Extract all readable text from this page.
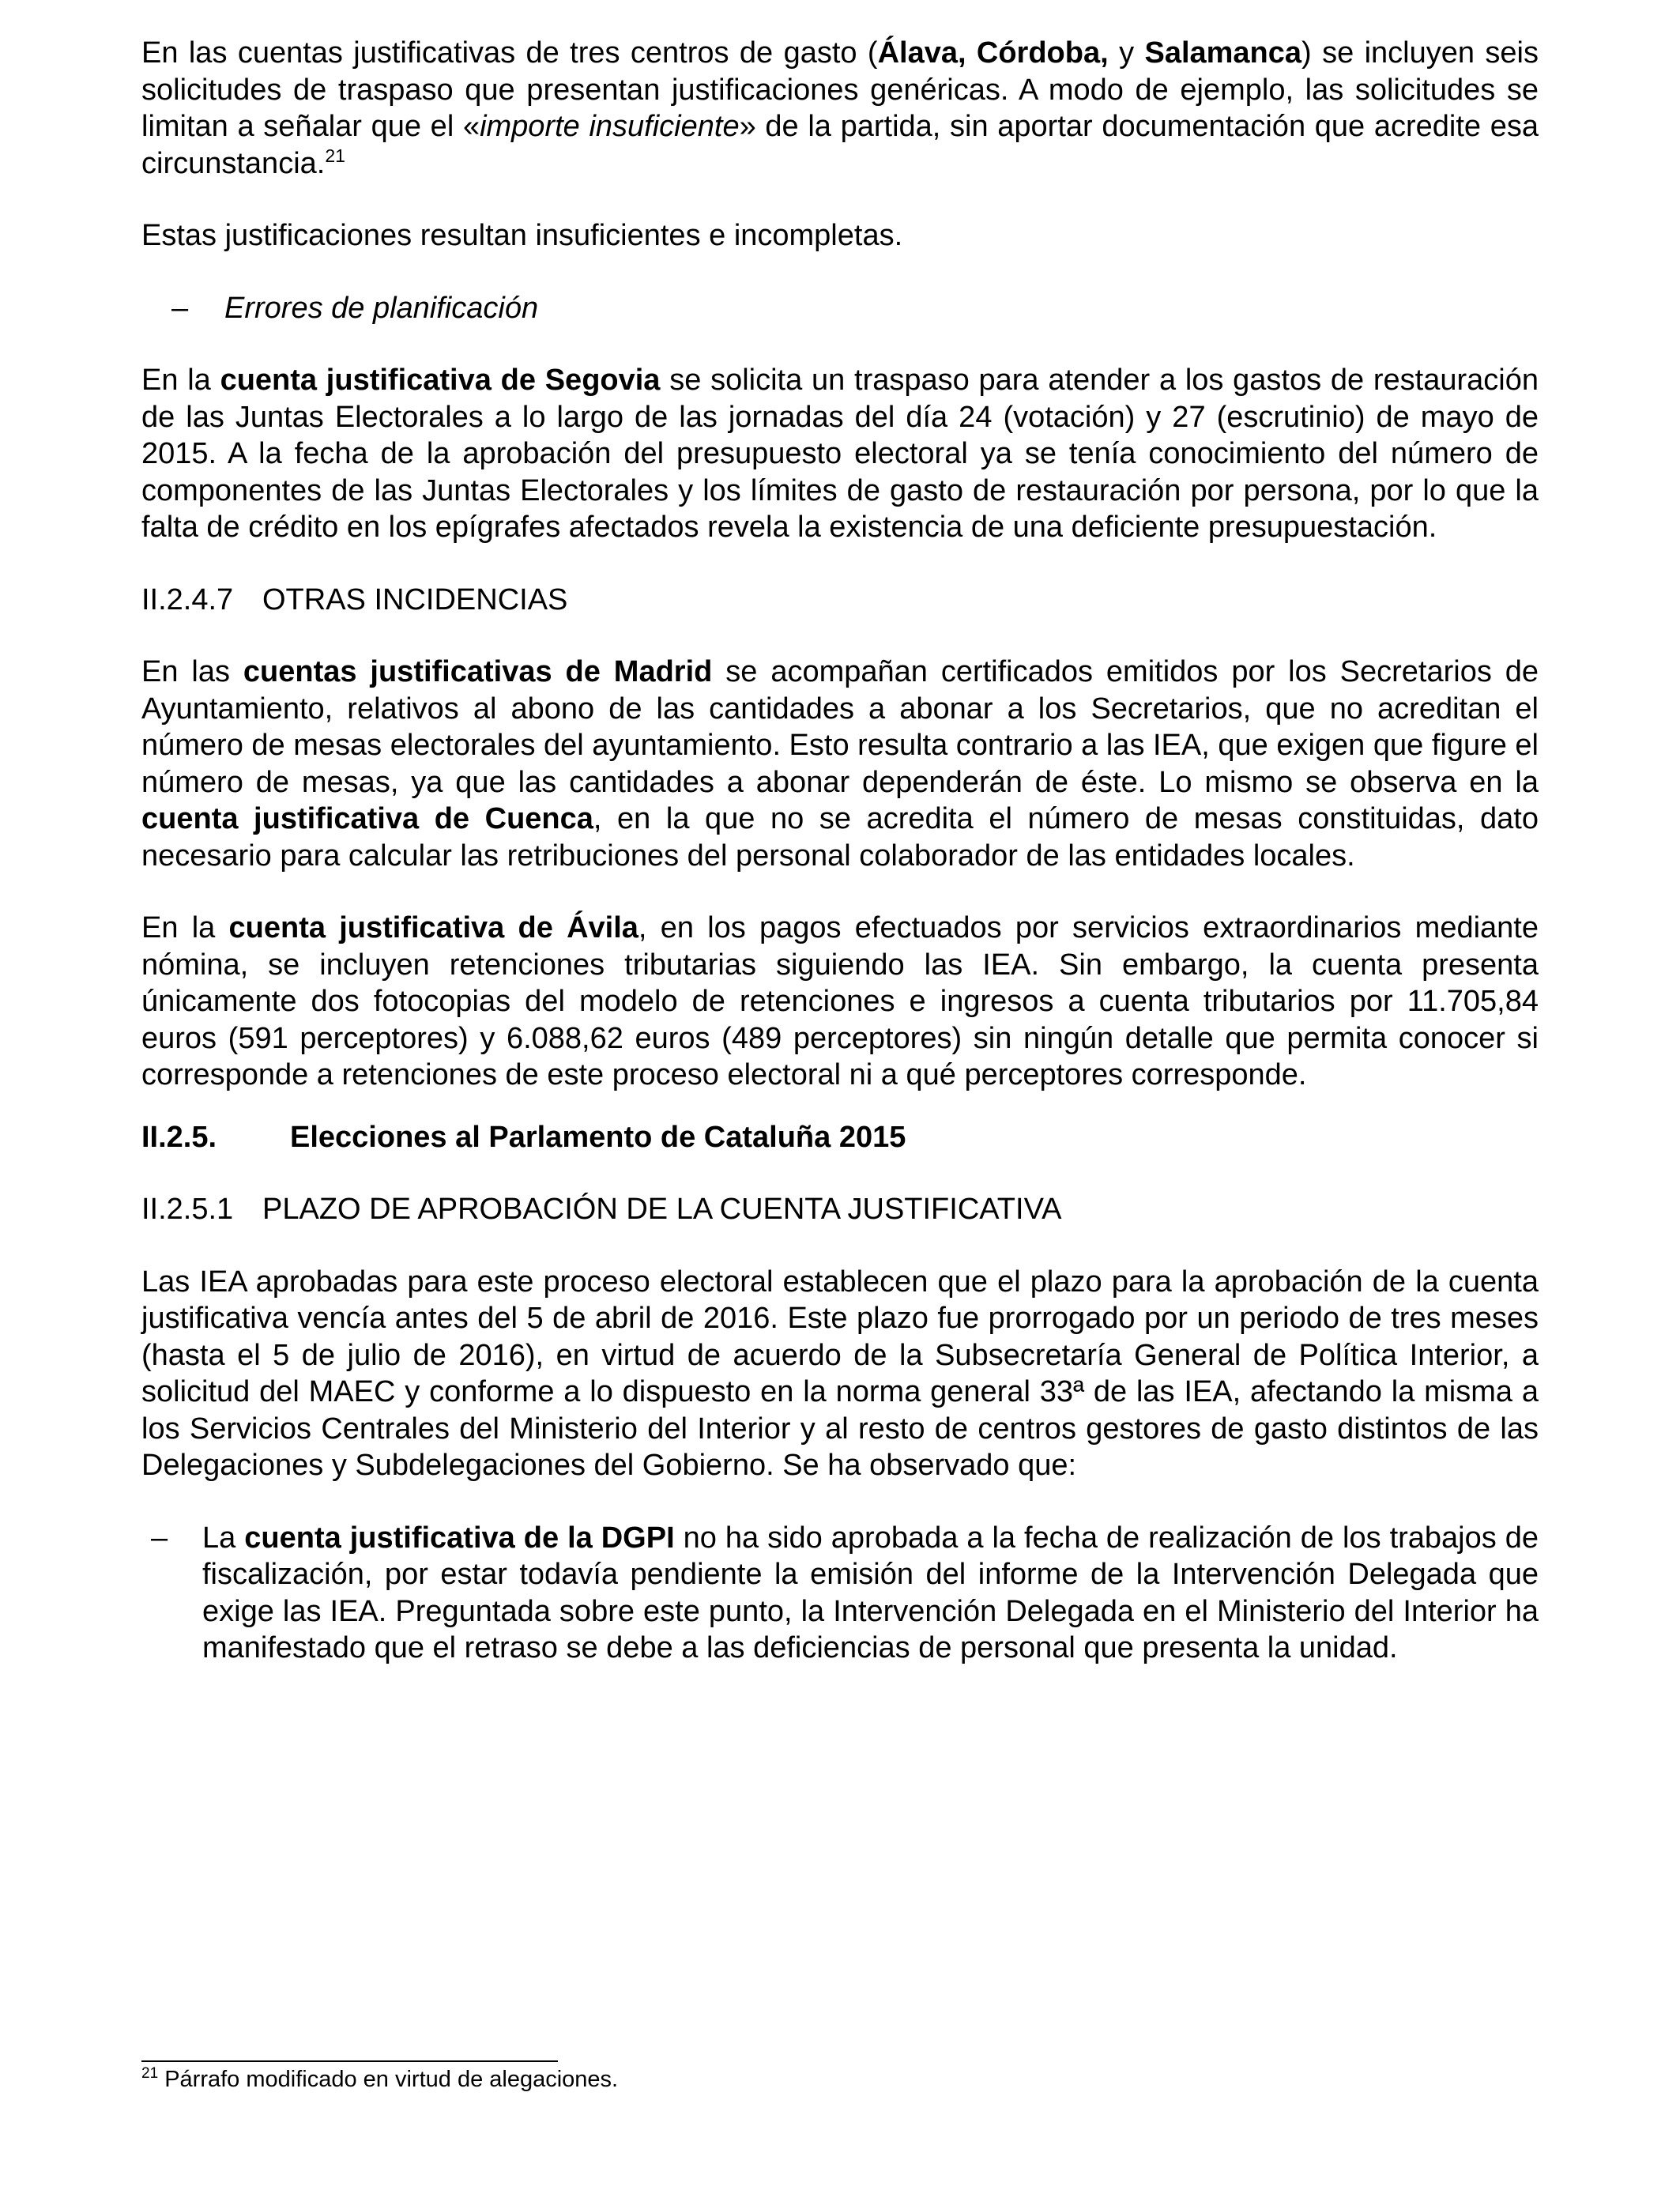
En las cuentas justificativas de tres centros de gasto (Álava, Córdoba, y Salamanca) se incluyen seis solicitudes de traspaso que presentan justificaciones genéricas. A modo de ejemplo, las solicitudes se limitan a señalar que el «importe insuficiente» de la partida, sin aportar documentación que acredite esa circunstancia.$^{21}$

Estas justificaciones resultan insuficientes e incompletas.

–	Errores de planificación

En la cuenta justificativa de Segovia se solicita un traspaso para atender a los gastos de restauración de las Juntas Electorales a lo largo de las jornadas del día 24 (votación) y 27 (escrutinio) de mayo de 2015. A la fecha de la aprobación del presupuesto electoral ya se tenía conocimiento del número de componentes de las Juntas Electorales y los límites de gasto de restauración por persona, por lo que la falta de crédito en los epígrafes afectados revela la existencia de una deficiente presupuestación.

II.2.4.7 OTRAS INCIDENCIAS

En las cuentas justificativas de Madrid se acompañan certificados emitidos por los Secretarios de Ayuntamiento, relativos al abono de las cantidades a abonar a los Secretarios, que no acreditan el número de mesas electorales del ayuntamiento. Esto resulta contrario a las IEA, que exigen que figure el número de mesas, ya que las cantidades a abonar dependerán de éste. Lo mismo se observa en la cuenta justificativa de Cuenca, en la que no se acredita el número de mesas constituidas, dato necesario para calcular las retribuciones del personal colaborador de las entidades locales.

En la cuenta justificativa de Ávila, en los pagos efectuados por servicios extraordinarios mediante nómina, se incluyen retenciones tributarias siguiendo las IEA. Sin embargo, la cuenta presenta únicamente dos fotocopias del modelo de retenciones e ingresos a cuenta tributarios por 11.705,84 euros (591 perceptores) y 6.088,62 euros (489 perceptores) sin ningún detalle que permita conocer si corresponde a retenciones de este proceso electoral ni a qué perceptores corresponde.

II.2.5. Elecciones al Parlamento de Cataluña 2015

II.2.5.1 PLAZO DE APROBACIÓN DE LA CUENTA JUSTIFICATIVA

Las IEA aprobadas para este proceso electoral establecen que el plazo para la aprobación de la cuenta justificativa vencía antes del 5 de abril de 2016. Este plazo fue prorrogado por un periodo de tres meses (hasta el 5 de julio de 2016), en virtud de acuerdo de la Subsecretaría General de Política Interior, a solicitud del MAEC y conforme a lo dispuesto en la norma general 33ª de las IEA, afectando la misma a los Servicios Centrales del Ministerio del Interior y al resto de centros gestores de gasto distintos de las Delegaciones y Subdelegaciones del Gobierno. Se ha observado que:

–	La cuenta justificativa de la DGPI no ha sido aprobada a la fecha de realización de los trabajos de fiscalización, por estar todavía pendiente la emisión del informe de la Intervención Delegada que exige las IEA. Preguntada sobre este punto, la Intervención Delegada en el Ministerio del Interior ha manifestado que el retraso se debe a las deficiencias de personal que presenta la unidad.

$^{21}$ Párrafo modificado en virtud de alegaciones.
